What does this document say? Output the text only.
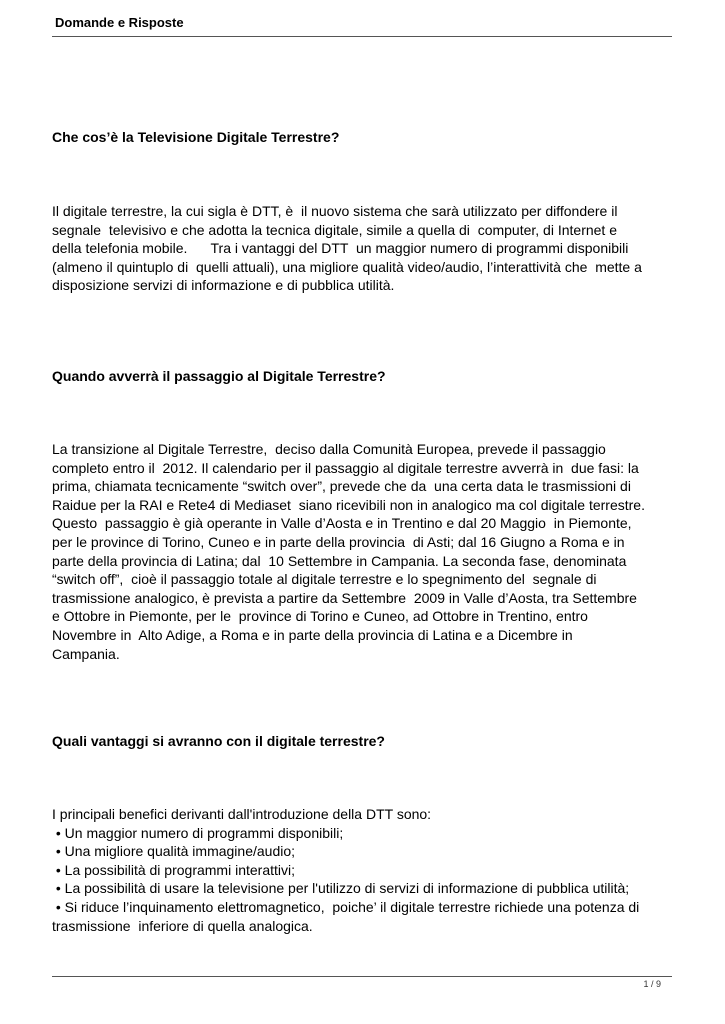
Domande e Risposte
Che cos’è la Televisione Digitale Terrestre?
Il digitale terrestre, la cui sigla è DTT, è  il nuovo sistema che sarà utilizzato per diffondere il
segnale  televisivo e che adotta la tecnica digitale, simile a quella di  computer, di Internet e
della telefonia mobile.      Tra i vantaggi del DTT  un maggior numero di programmi disponibili
(almeno il quintuplo di  quelli attuali), una migliore qualità video/audio, l’interattività che  mette a
disposizione servizi di informazione e di pubblica utilità.
Quando avverrà il passaggio al Digitale Terrestre?
La transizione al Digitale Terrestre,  deciso dalla Comunità Europea, prevede il passaggio
completo entro il  2012. Il calendario per il passaggio al digitale terrestre avverrà in  due fasi: la
prima, chiamata tecnicamente “switch over”, prevede che da  una certa data le trasmissioni di
Raidue per la RAI e Rete4 di Mediaset  siano ricevibili non in analogico ma col digitale terrestre.
Questo  passaggio è già operante in Valle d’Aosta e in Trentino e dal 20 Maggio  in Piemonte,
per le province di Torino, Cuneo e in parte della provincia  di Asti; dal 16 Giugno a Roma e in
parte della provincia di Latina; dal  10 Settembre in Campania. La seconda fase, denominata
“switch off”,  cioè il passaggio totale al digitale terrestre e lo spegnimento del  segnale di
trasmissione analogico, è prevista a partire da Settembre  2009 in Valle d’Aosta, tra Settembre
e Ottobre in Piemonte, per le  province di Torino e Cuneo, ad Ottobre in Trentino, entro
Novembre in  Alto Adige, a Roma e in parte della provincia di Latina e a Dicembre in
Campania.
Quali vantaggi si avranno con il digitale terrestre?
I principali benefici derivanti dall'introduzione della DTT sono:
• Un maggior numero di programmi disponibili;
• Una migliore qualità immagine/audio;
• La possibilità di programmi interattivi;
• La possibilità di usare la televisione per l'utilizzo di servizi di informazione di pubblica utilità;
• Si riduce l’inquinamento elettromagnetico,  poiche’ il digitale terrestre richiede una potenza di
trasmissione  inferiore di quella analogica.
1 / 9
